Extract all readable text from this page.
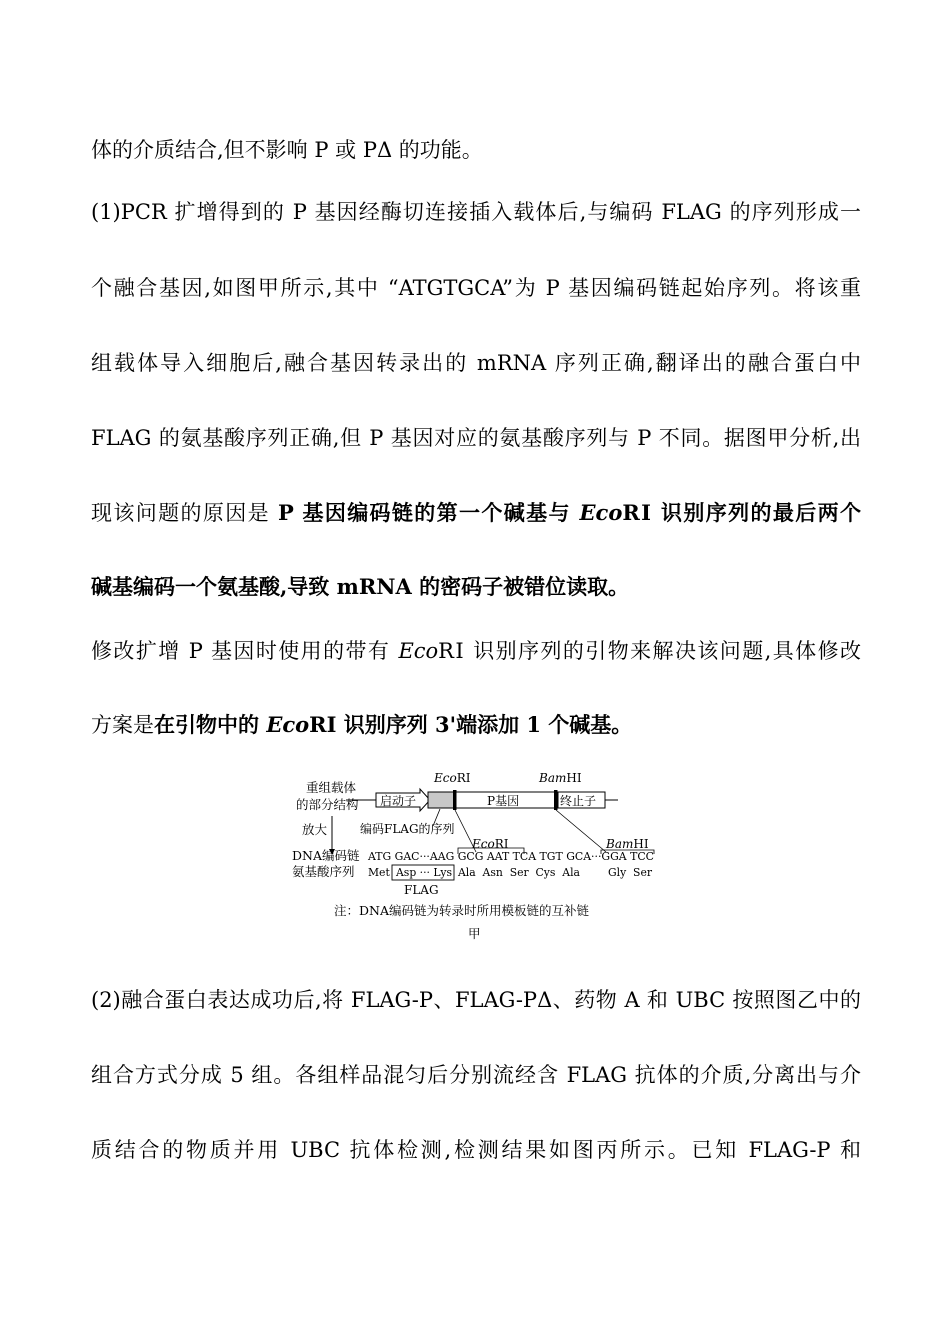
体的介质结合,但不影响 P 或 PΔ 的功能。
(1)PCR 扩增得到的 P 基因经酶切连接插入载体后,与编码 FLAG 的序列形成一
个融合基因,如图甲所示,其中 “ATGTGCA”为 P 基因编码链起始序列。将该重
组载体导入细胞后,融合基因转录出的 mRNA 序列正确,翻译出的融合蛋白中
FLAG 的氨基酸序列正确,但 P 基因对应的氨基酸序列与 P 不同。据图甲分析,出
现该问题的原因是 P 基因编码链的第一个碱基与 EcoRⅠ 识别序列的最后两个
碱基编码一个氨基酸,导致 mRNA 的密码子被错位读取。
修改扩增 P 基因时使用的带有 EcoRⅠ 识别序列的引物来解决该问题,具体修改
方案是在引物中的 EcoRⅠ 识别序列 3'端添加 1 个碱基。
(2)融合蛋白表达成功后,将 FLAG-P、FLAG-PΔ、药物 A 和 UBC 按照图乙中的
组合方式分成 5 组。各组样品混匀后分别流经含 FLAG 抗体的介质,分离出与介
质结合的物质并用 UBC 抗体检测,检测结果如图丙所示。已知 FLAG-P 和
重组载体
的部分结构 启动子	P基因	终止子
EcoRⅠ	BamHⅠ
放大	编码FLAG的序列
EcoRⅠ	BamHⅠ
DNA编码链 ATG GAC···AAG GCG AAT TCA TGT GCA···GGA TCC
氨基酸序列 Met Asp ··· Lys Ala  Asn  Ser  Cys  Ala	Gly  Ser
FLAG
注：DNA编码链为转录时所用模板链的互补链
甲
